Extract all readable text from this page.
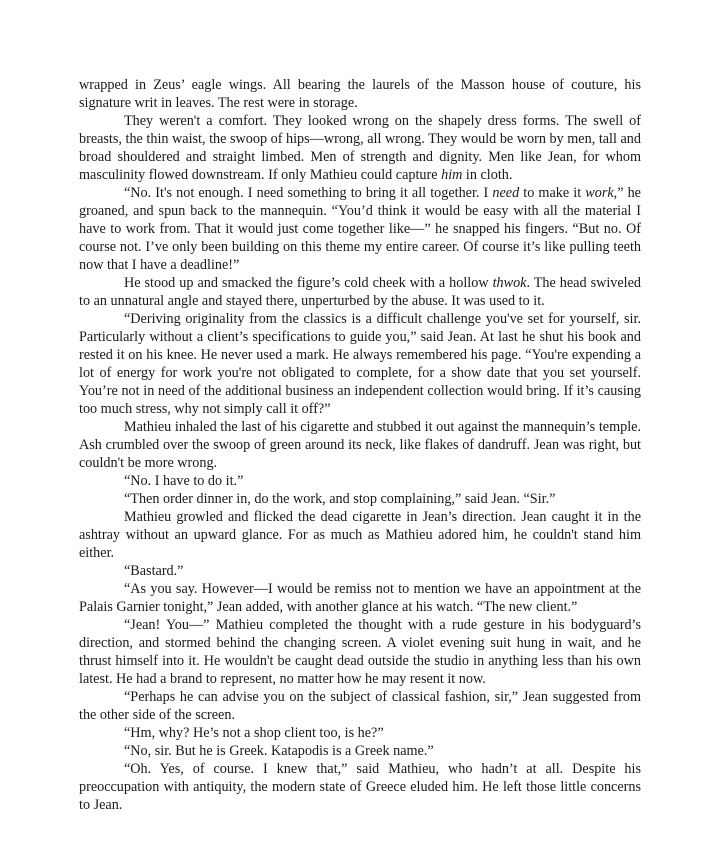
wrapped in Zeus’ eagle wings. All bearing the laurels of the Masson house of couture, his signature writ in leaves. The rest were in storage.

They weren't a comfort. They looked wrong on the shapely dress forms. The swell of breasts, the thin waist, the swoop of hips—wrong, all wrong. They would be worn by men, tall and broad shouldered and straight limbed. Men of strength and dignity. Men like Jean, for whom masculinity flowed downstream. If only Mathieu could capture him in cloth.

“No. It's not enough. I need something to bring it all together. I need to make it work,” he groaned, and spun back to the mannequin. “You’d think it would be easy with all the material I have to work from. That it would just come together like—” he snapped his fingers. “But no. Of course not. I’ve only been building on this theme my entire career. Of course it’s like pulling teeth now that I have a deadline!”

He stood up and smacked the figure’s cold cheek with a hollow thwok. The head swiveled to an unnatural angle and stayed there, unperturbed by the abuse. It was used to it.

“Deriving originality from the classics is a difficult challenge you've set for yourself, sir. Particularly without a client’s specifications to guide you,” said Jean. At last he shut his book and rested it on his knee. He never used a mark. He always remembered his page. “You're expending a lot of energy for work you're not obligated to complete, for a show date that you set yourself. You’re not in need of the additional business an independent collection would bring. If it’s causing too much stress, why not simply call it off?”

Mathieu inhaled the last of his cigarette and stubbed it out against the mannequin’s temple. Ash crumbled over the swoop of green around its neck, like flakes of dandruff. Jean was right, but couldn't be more wrong.

“No. I have to do it.”

“Then order dinner in, do the work, and stop complaining,” said Jean. “Sir.”

Mathieu growled and flicked the dead cigarette in Jean’s direction. Jean caught it in the ashtray without an upward glance. For as much as Mathieu adored him, he couldn't stand him either.

“Bastard.”

“As you say. However—I would be remiss not to mention we have an appointment at the Palais Garnier tonight,” Jean added, with another glance at his watch. “The new client.”

“Jean! You—” Mathieu completed the thought with a rude gesture in his bodyguard’s direction, and stormed behind the changing screen. A violet evening suit hung in wait, and he thrust himself into it. He wouldn't be caught dead outside the studio in anything less than his own latest. He had a brand to represent, no matter how he may resent it now.

“Perhaps he can advise you on the subject of classical fashion, sir,” Jean suggested from the other side of the screen.

“Hm, why? He’s not a shop client too, is he?”

“No, sir. But he is Greek. Katapodis is a Greek name.”

“Oh. Yes, of course. I knew that,” said Mathieu, who hadn’t at all. Despite his preoccupation with antiquity, the modern state of Greece eluded him. He left those little concerns to Jean.
